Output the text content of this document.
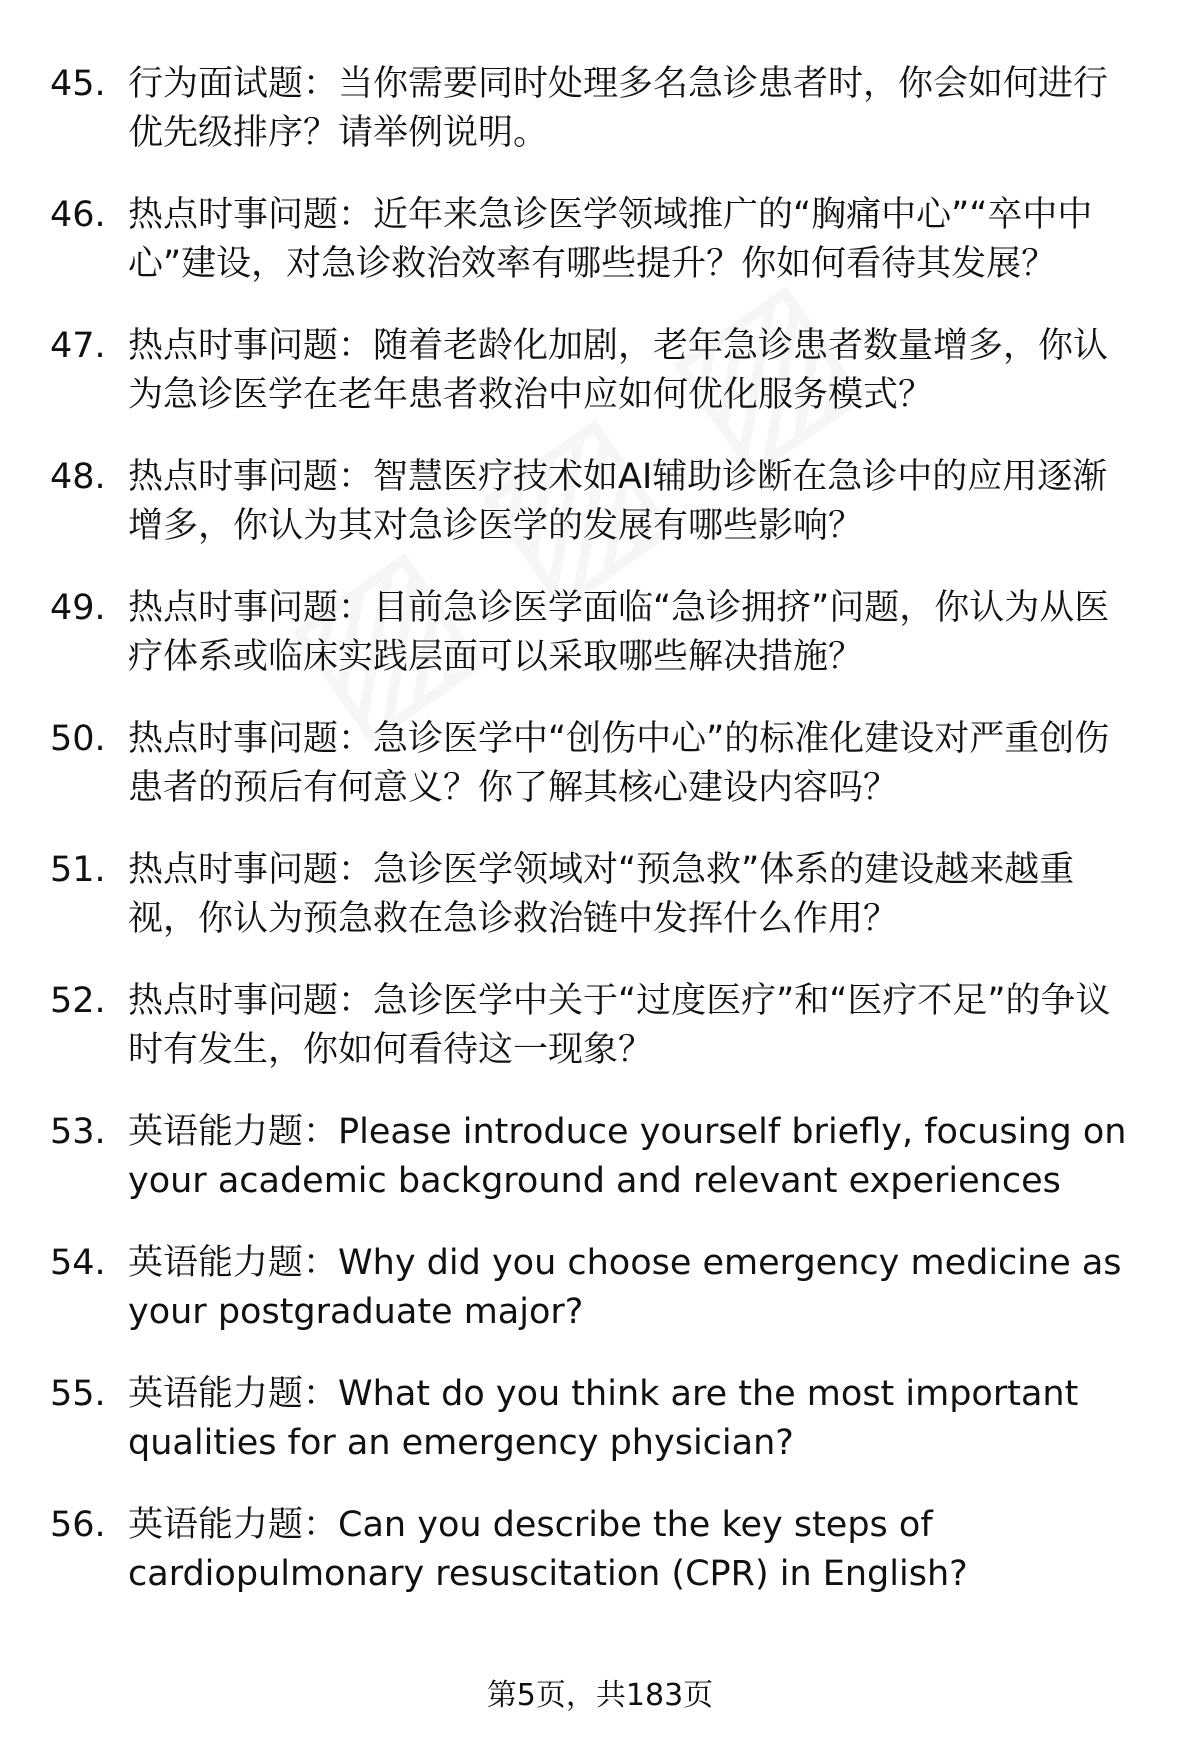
45. 行为面试题 ： 当你需要同时处理多名急诊患者时，你会如何进行优先级排序？请举例说明。
46. 热点时事问题 ： 近年来急诊医学领域推广的“胸痛中心”“卒中中心”建设，对急诊救治效率有哪些提升？你如何看待其发展？
47. 热点时事问题 ： 随着老龄化加剧，老年急诊患者数量增多，你认为急诊医学在老年患者救治中应如何优化服务模式？
48. 热点时事问题 ： 智慧医疗技术如AI辅助诊断在急诊中的应用逐渐增多，你认为其对急诊医学的发展有哪些影响？
49. 热点时事问题 ： 目前急诊医学面临“急诊拥挤”问题，你认为从医疗体系或临床实践层面可以采取哪些解决措施？
50. 热点时事问题 ： 急诊医学中“创伤中心”的标准化建设对严重创伤患者的预后有何意义？你了解其核心建设内容吗？
51. 热点时事问题 ： 急诊医学领域对“预急救”体系的建设越来越重视，你认为预急救在急诊救治链中发挥什么作用？
52. 热点时事问题 ： 急诊医学中关于“过度医疗”和“医疗不足”的争议时有发生，你如何看待这一现象？
53. 英语能力题 ： Please introduce yourself briefly, focusing on your academic background and relevant experiences
54. 英语能力题 ： Why did you choose emergency medicine as your postgraduate major?
55. 英语能力题 ： What do you think are the most important qualities for an emergency physician?
56. 英语能力题 ： Can you describe the key steps of cardiopulmonary resuscitation (CPR) in English?
第5页，共183页
